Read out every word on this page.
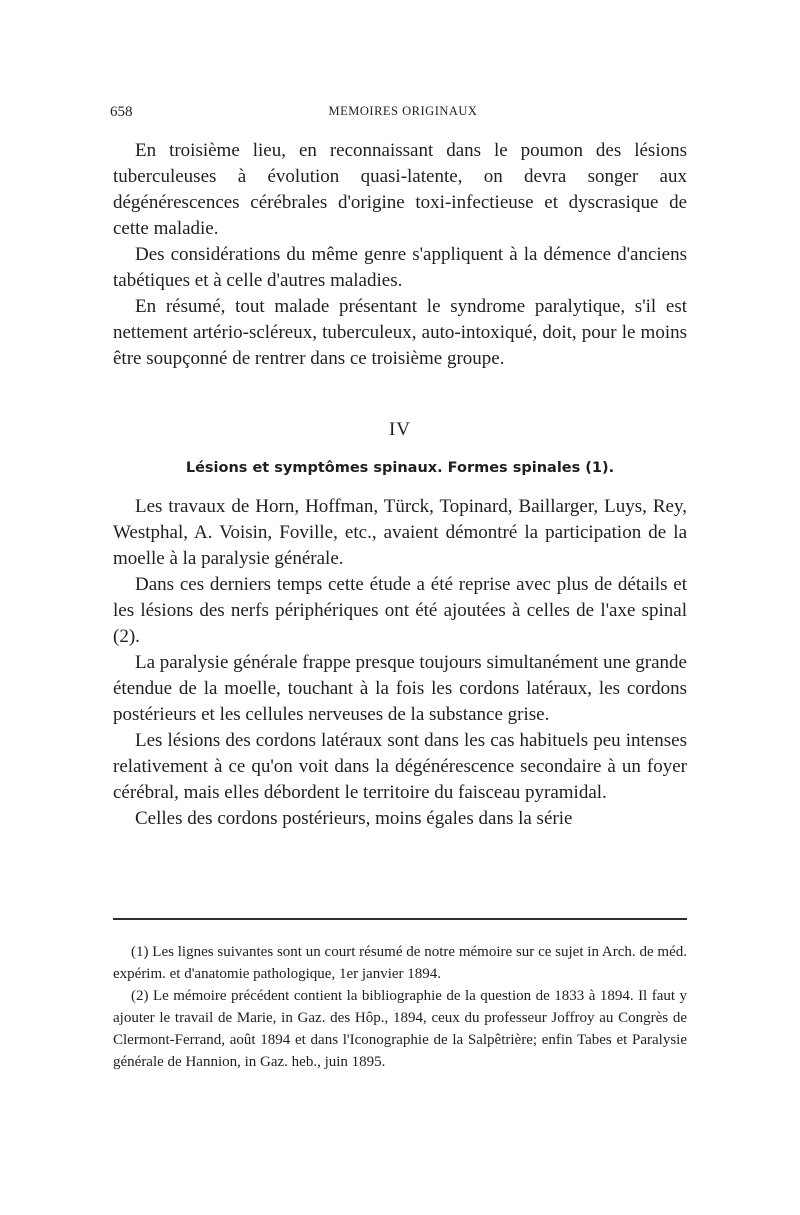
658	MEMOIRES ORIGINAUX

En troisième lieu, en reconnaissant dans le poumon des lésions tuberculeuses à évolution quasi-latente, on devra songer aux dégénérescences cérébrales d'origine toxi-infectieuse et dyscrasique de cette maladie.

Des considérations du même genre s'appliquent à la démence d'anciens tabétiques et à celle d'autres maladies.

En résumé, tout malade présentant le syndrome paralytique, s'il est nettement artério-scléreux, tuberculeux, auto-intoxiqué, doit, pour le moins être soupçonné de rentrer dans ce troisième groupe.

IV
Lésions et symptômes spinaux. Formes spinales (1).

Les travaux de Horn, Hoffman, Türck, Topinard, Baillarger, Luys, Rey, Westphal, A. Voisin, Foville, etc., avaient démontré la participation de la moelle à la paralysie générale.

Dans ces derniers temps cette étude a été reprise avec plus de détails et les lésions des nerfs périphériques ont été ajoutées à celles de l'axe spinal (2).

La paralysie générale frappe presque toujours simultanément une grande étendue de la moelle, touchant à la fois les cordons latéraux, les cordons postérieurs et les cellules nerveuses de la substance grise.

Les lésions des cordons latéraux sont dans les cas habituels peu intenses relativement à ce qu'on voit dans la dégénérescence secondaire à un foyer cérébral, mais elles débordent le territoire du faisceau pyramidal.

Celles des cordons postérieurs, moins égales dans la série

(1) Les lignes suivantes sont un court résumé de notre mémoire sur ce sujet in Arch. de méd. expérim. et d'anatomie pathologique, 1er janvier 1894.

(2) Le mémoire précédent contient la bibliographie de la question de 1833 à 1894. Il faut y ajouter le travail de Marie, in Gaz. des Hôp., 1894, ceux du professeur Joffroy au Congrès de Clermont-Ferrand, août 1894 et dans l'Iconographie de la Salpêtrière; enfin Tabes et Paralysie générale de Hannion, in Gaz. heb., juin 1895.
